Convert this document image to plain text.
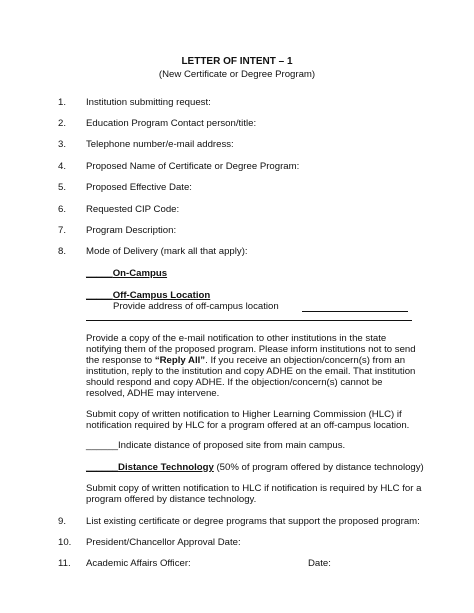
LETTER OF INTENT – 1
(New Certificate or Degree Program)
1. Institution submitting request:
2. Education Program Contact person/title:
3. Telephone number/e-mail address:
4. Proposed Name of Certificate or Degree Program:
5. Proposed Effective Date:
6. Requested CIP Code:
7. Program Description:
8. Mode of Delivery (mark all that apply):
_____On-Campus
_____Off-Campus Location
Provide address of off-campus location
Provide a copy of the e-mail notification to other institutions in the state
notifying them of the proposed program. Please inform institutions not to send
the response to “Reply All”. If you receive an objection/concern(s) from an
institution, reply to the institution and copy ADHE on the email. That institution
should respond and copy ADHE. If the objection/concern(s) cannot be
resolved, ADHE may intervene.
Submit copy of written notification to Higher Learning Commission (HLC) if
notification required by HLC for a program offered at an off-campus location.
______Indicate distance of proposed site from main campus.
______Distance Technology (50% of program offered by distance technology)
Submit copy of written notification to HLC if notification is required by HLC for a
program offered by distance technology.
9. List existing certificate or degree programs that support the proposed program:
10. President/Chancellor Approval Date:
11. Academic Affairs Officer:	Date:
